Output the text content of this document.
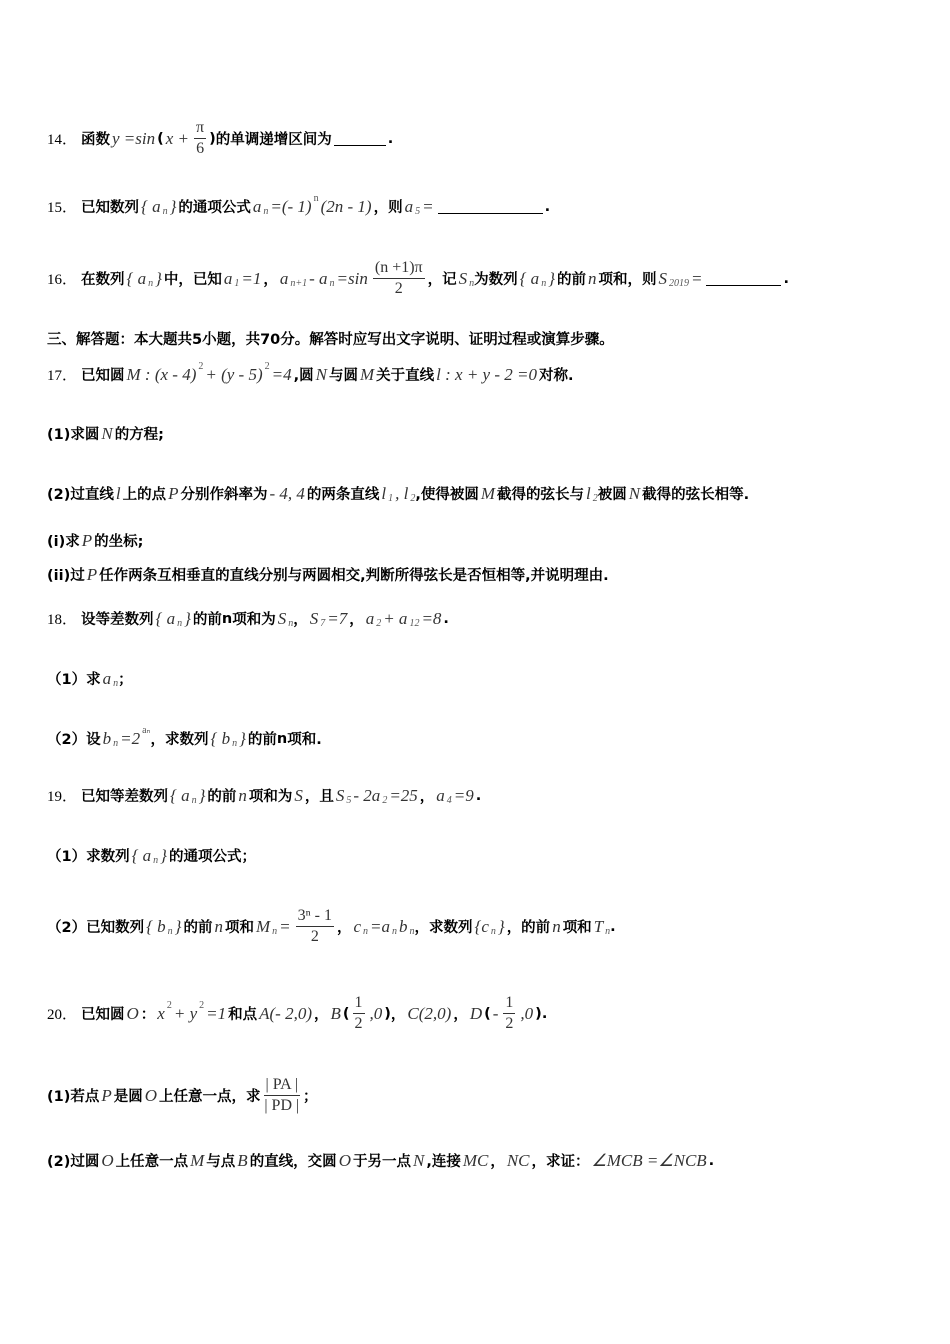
14． 函数 y =sin ( $x + \frac{\pi}{6}$ ) 的单调递增区间为	.
15． 已知数列 { a n } 的通项公式 a n =(- 1) n (2n - 1) ，则 a 5 =	.
16． 在数列 { a n } 中，已知 a 1 =1 ， a n+1 - a $n =\sin \frac{(n +1)\pi}{2}$ ，记 S n 为数列 { a n } 的前 n 项和，则 S 2019 =	.
三、解答题：本大题共5小题，共70分。解答时应写出文字说明、证明过程或演算步骤。
17． 已知圆 M : (x - 4) 2 + (y - 5) 2 =4 ,圆 N 与圆 M 关于直线 l : x + y - 2 =0 对称.
(1)求圆 N 的方程;
(2)过直线 l 上的点 P 分别作斜率为 - 4, 4 的两条直线 l 1 , l 2 ,使得被圆 M 截得的弦长与 l 2 被圆 N 截得的弦长相等.
(i)求 P 的坐标;
(ii)过 P 任作两条互相垂直的直线分别与两圆相交,判断所得弦长是否恒相等,并说明理由.
18． 设等差数列 { a n } 的前 n 项和为 S n ， S 7 =7 ， a 2 + a 12 =8 .
（1）求 a n ；
（2）设 b n =2 aₙ
，求数列 { b n } 的前 n 项和.
19． 已知等差数列 { a n } 的前 n 项和为 S ，且 S 5 - 2a 2 =25 ， a 4 =9 .
（1）求数列 { a n } 的通项公式；
（2）已知数列 { b n } 的前 n 项和 M $n = \frac{\text{3ⁿ - 1}}{2}$ ， c n =a n b n ，求数列 {c n } ，的前 n 项和 T n .
20． 已知圆 O ： x 2 + y 2 =1 和点 A(- 2,0) ， B ( $\frac{1}{2} ,0$ ) ， C(2,0) ， D ( - $\frac{1}{2} ,0$ ) .
(1)若点 P 是圆 O 上任意一点，求 $\frac{| PA |}{| PD |}$ ；
(2)过圆 O 上任意一点 M 与点 B 的直线，交圆 O 于另一点 N ,连接 MC ， NC ，求证： ∠MCB =∠NCB .
